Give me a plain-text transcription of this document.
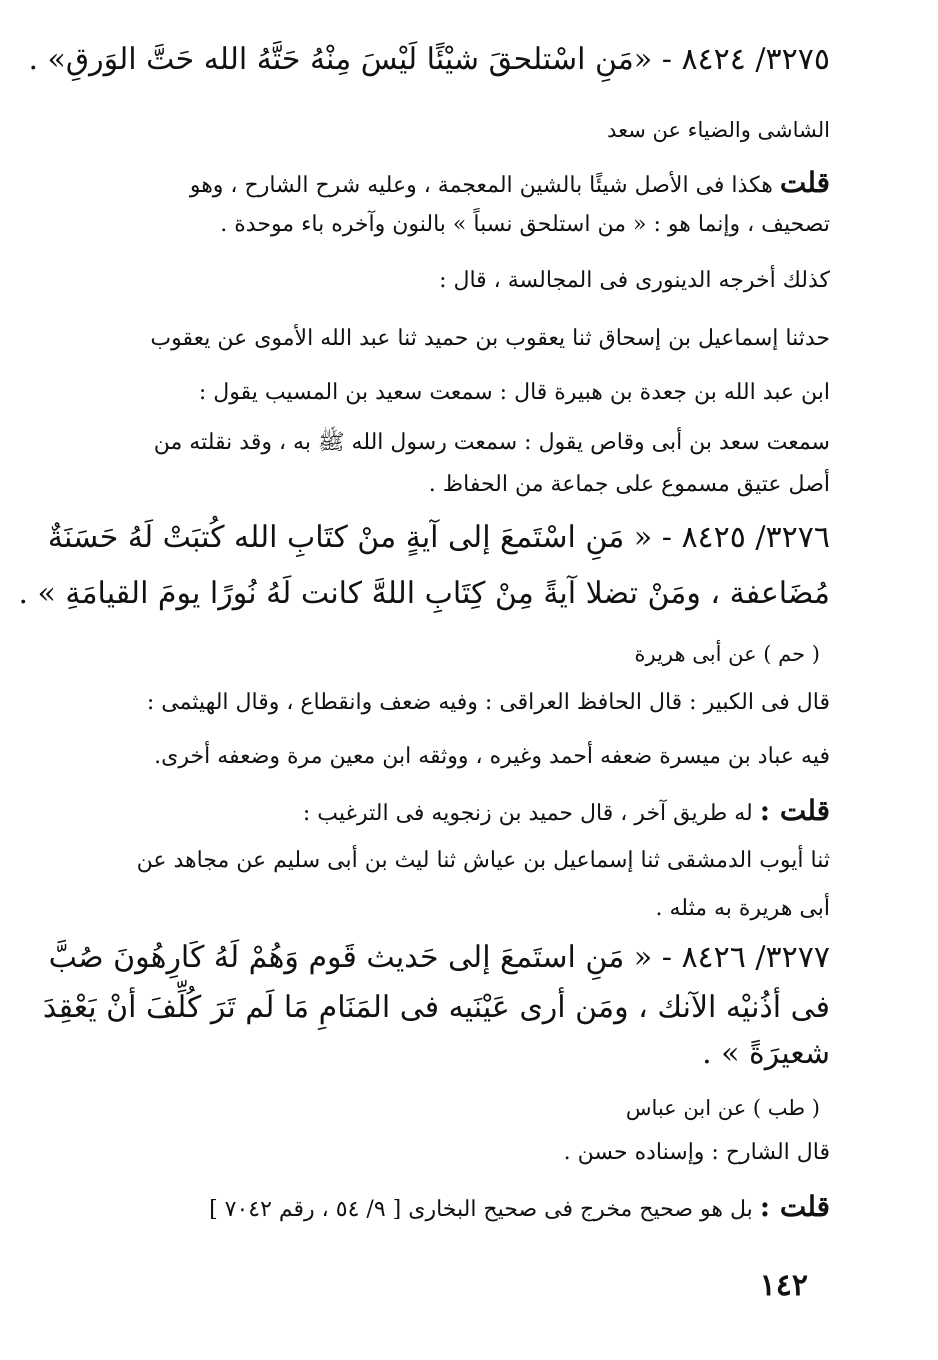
٣٢٧٥/ ٨٤٢٤ - «مَنِ اسْتلحقَ شيْئًا لَيْسَ مِنْهُ حَتَّهُ الله حَتَّ الوَرقِ» .
الشاشى والضياء عن سعد
قلت هكذا فى الأصل شيئًا بالشين المعجمة ، وعليه شرح الشارح ، وهو
تصحيف ، وإنما هو : « من استلحق نسباً » بالنون وآخره باء موحدة .
كذلك أخرجه الدينورى فى المجالسة ، قال :
حدثنا إسماعيل بن إسحاق ثنا يعقوب بن حميد ثنا عبد الله الأموى عن يعقوب
ابن عبد الله بن جعدة بن هبيرة قال : سمعت سعيد بن المسيب يقول :
سمعت سعد بن أبى وقاص يقول : سمعت رسول الله ﷺ به ، وقد نقلته من
أصل عتيق مسموع على جماعة من الحفاظ .
٣٢٧٦/ ٨٤٢٥ - « مَنِ اسْتَمعَ إلى آيةٍ منْ كتَابِ الله كُتبَتْ لَهُ حَسَنَةٌ
مُضَاعفة ، ومَنْ تضلا آيةً مِنْ كِتَابِ اللهَّ كانت لَهُ نُورًا يومَ القيامَةِ » .
( حم ) عن أبى هريرة
قال فى الكبير : قال الحافظ العراقى : وفيه ضعف وانقطاع ، وقال الهيثمى :
فيه عباد بن ميسرة ضعفه أحمد وغيره ، ووثقه ابن معين مرة وضعفه أخرى.
قلت : له طريق آخر ، قال حميد بن زنجويه فى الترغيب :
ثنا أيوب الدمشقى ثنا إسماعيل بن عياش ثنا ليث بن أبى سليم عن مجاهد عن
أبى هريرة به مثله .
٣٢٧٧/ ٨٤٢٦ - « مَنِ استَمعَ إلى حَديث قَوم وَهُمْ لَهُ كَارِهُونَ صُبَّ
فى أذُنيْه الآنك ، ومَن أرى عَيْنَيه فى المَنَامِ مَا لَم تَرَ كُلِّفَ أنْ يَعْقِدَ
شعيرَةً » .
( طب ) عن ابن عباس
قال الشارح : وإسناده حسن .
قلت : بل هو صحيح مخرج فى صحيح البخارى [ ٩/ ٥٤ ، رقم ٧٠٤٢ ]
١٤٢
